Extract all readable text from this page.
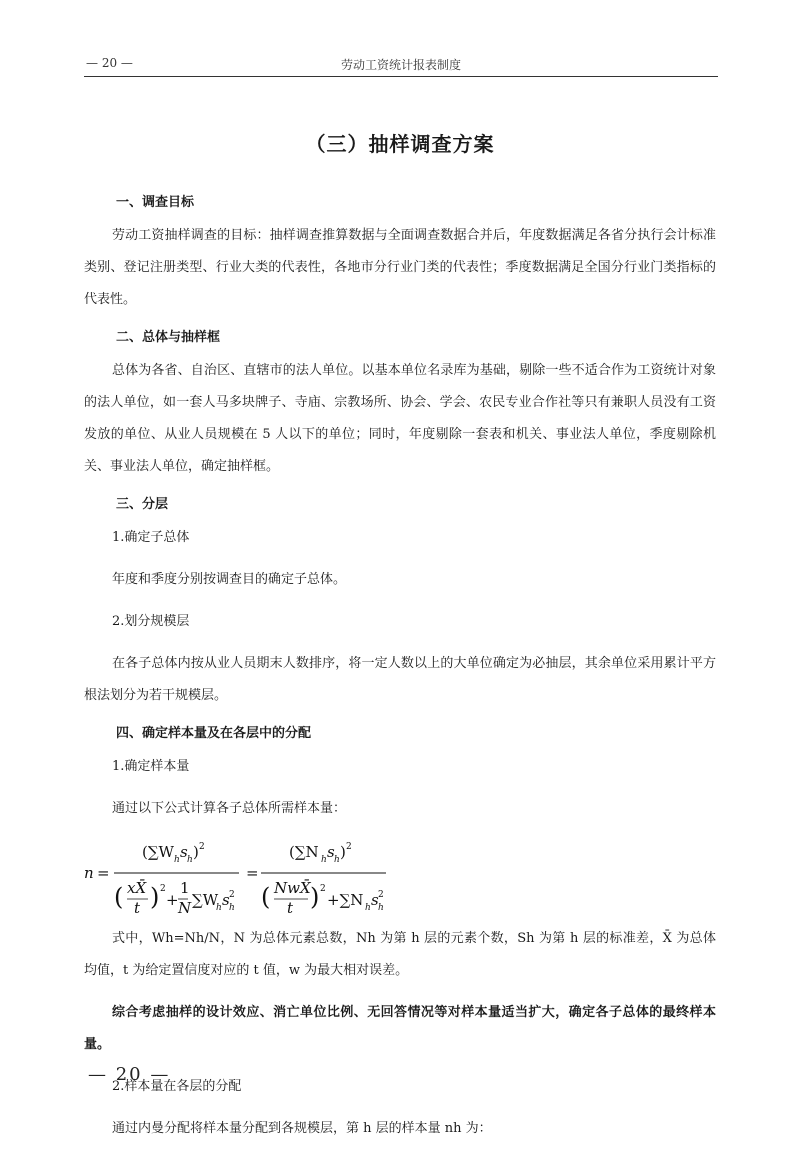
— 20 —	劳动工资统计报表制度
（三）抽样调查方案
一、调查目标

劳动工资抽样调查的目标：抽样调查推算数据与全面调查数据合并后，年度数据满足各省分执行会计标准类别、登记注册类型、行业大类的代表性，各地市分行业门类的代表性；季度数据满足全国分行业门类指标的代表性。

二、总体与抽样框

总体为各省、自治区、直辖市的法人单位。以基本单位名录库为基础，剔除一些不适合作为工资统计对象的法人单位，如一套人马多块牌子、寺庙、宗教场所、协会、学会、农民专业合作社等只有兼职人员没有工资发放的单位、从业人员规模在 5 人以下的单位；同时，年度剔除一套表和机关、事业法人单位，季度剔除机关、事业法人单位，确定抽样框。

三、分层

1.确定子总体

年度和季度分别按调查目的确定子总体。

2.划分规模层

在各子总体内按从业人员期末人数排序，将一定人数以上的大单位确定为必抽层，其余单位采用累计平方根法划分为若干规模层。

四、确定样本量及在各层中的分配

1.确定样本量

通过以下公式计算各子总体所需样本量：

n =
(∑W h s h ) 2
( xX̄
t ) 2
+
1
N ∑W
h s 2
h
=
(∑N h s h ) 2
( NwX̄
t ) 2
+∑N h s 2
h

式中，Wh=Nh/N，N 为总体元素总数，Nh 为第 h 层的元素个数，Sh 为第 h 层的标准差，X̄ 为总体均值，t 为给定置信度对应的 t 值，w 为最大相对误差。

综合考虑抽样的设计效应、消亡单位比例、无回答情况等对样本量适当扩大，确定各子总体的最终样本量。

2.样本量在各层的分配

通过内曼分配将样本量分配到各规模层，第 h 层的样本量 nh 为：

— 20 —
